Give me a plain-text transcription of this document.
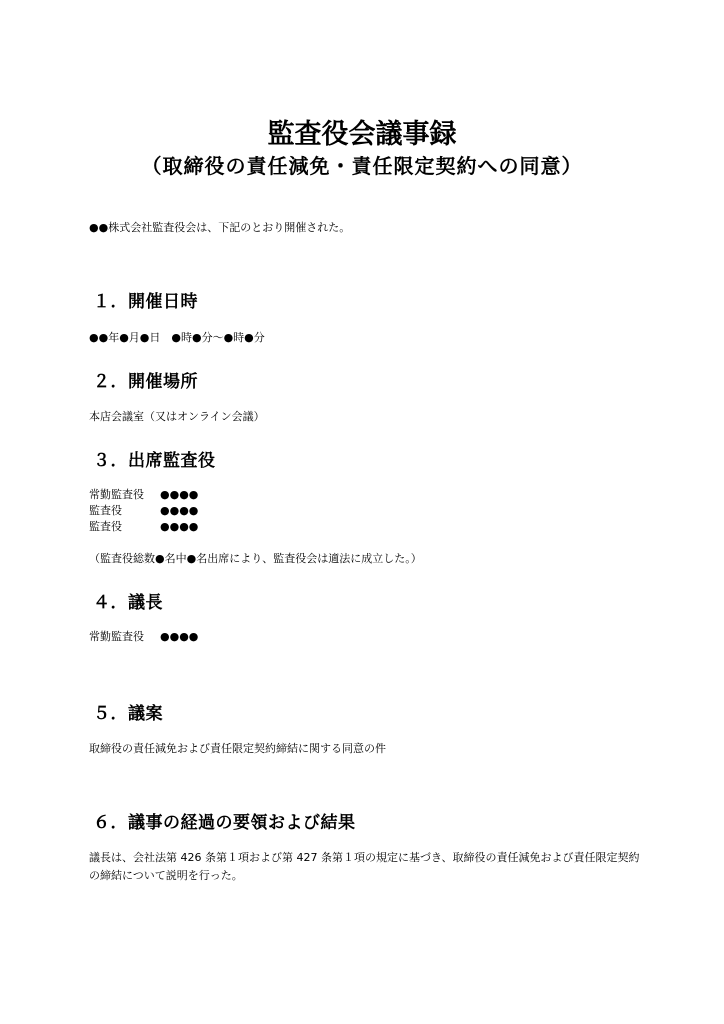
監査役会議事録
（取締役の責任減免・責任限定契約への同意）
●●株式会社監査役会は、下記のとおり開催された。
１．開催日時
●●年●月●日　●時●分～●時●分
２．開催場所
本店会議室（又はオンライン会議）
３．出席監査役
常勤監査役	●●●●
監査役	●●●●
監査役	●●●●
（監査役総数●名中●名出席により、監査役会は適法に成立した。）
４．議長
常勤監査役	●●●●
５．議案
取締役の責任減免および責任限定契約締結に関する同意の件
６．議事の経過の要領および結果
議長は、会社法第 426 条第１項および第 427 条第１項の規定に基づき、取締役の責任減免および責任限定契約の締結について説明を行った。
